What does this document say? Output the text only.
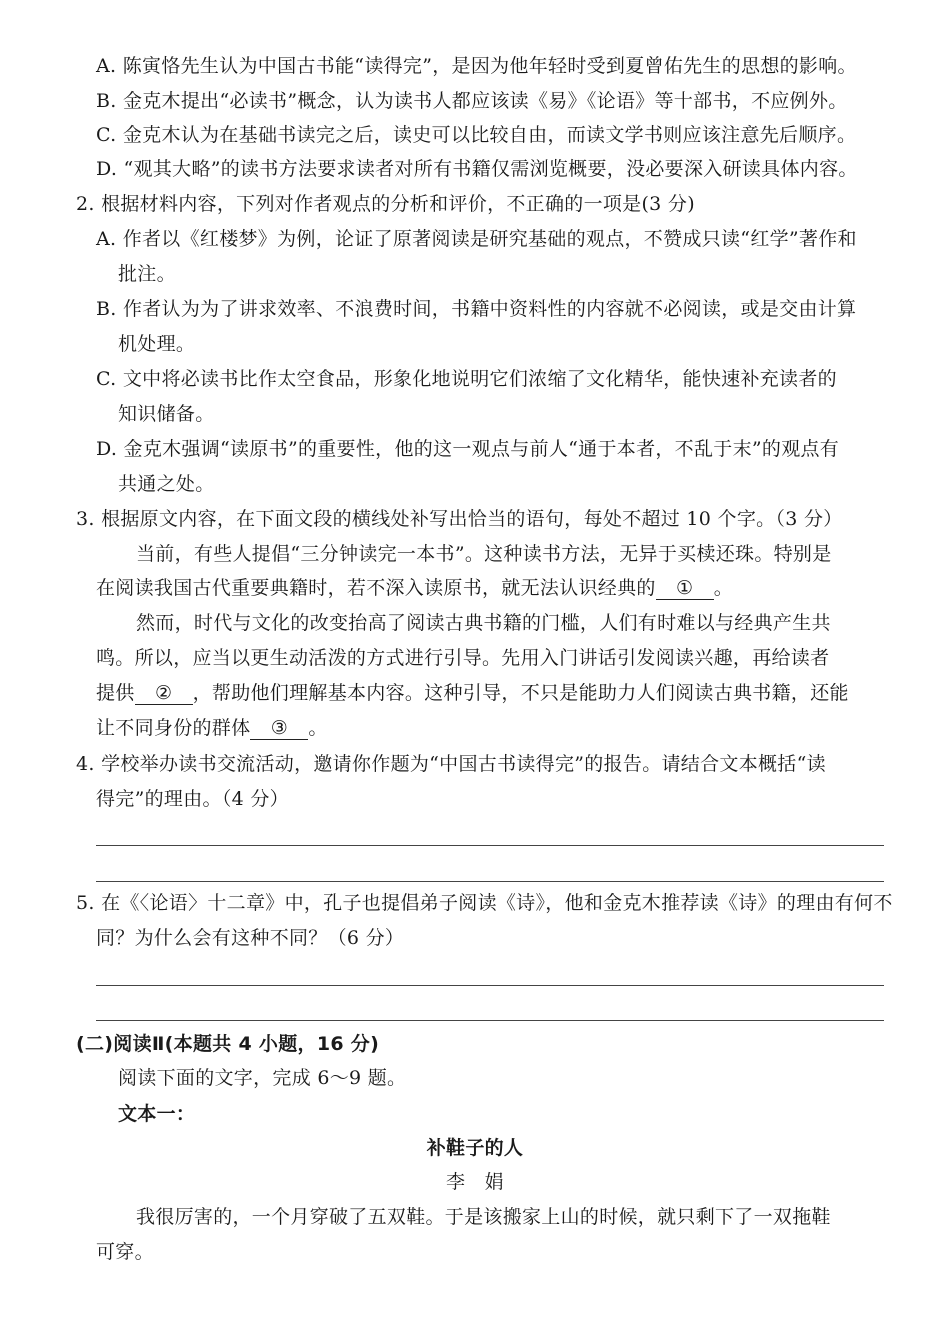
A. 陈寅恪先生认为中国古书能“读得完”，是因为他年轻时受到夏曾佑先生的思想的影响。
B. 金克木提出“必读书”概念，认为读书人都应该读《易》《论语》等十部书，不应例外。
C. 金克木认为在基础书读完之后，读史可以比较自由，而读文学书则应该注意先后顺序。
D. “观其大略”的读书方法要求读者对所有书籍仅需浏览概要，没必要深入研读具体内容。
2. 根据材料内容，下列对作者观点的分析和评价，不正确的一项是(3 分)
A. 作者以《红楼梦》为例，论证了原著阅读是研究基础的观点，不赞成只读“红学”著作和
批注。
B. 作者认为为了讲求效率、不浪费时间，书籍中资料性的内容就不必阅读，或是交由计算
机处理。
C. 文中将必读书比作太空食品，形象化地说明它们浓缩了文化精华，能快速补充读者的
知识储备。
D. 金克木强调“读原书”的重要性，他的这一观点与前人“通于本者，不乱于末”的观点有
共通之处。
3. 根据原文内容，在下面文段的横线处补写出恰当的语句，每处不超过 10 个字。（3 分）
当前，有些人提倡“三分钟读完一本书”。这种读书方法，无异于买椟还珠。特别是
在阅读我国古代重要典籍时，若不深入读原书，就无法认识经典的 ① 。
然而，时代与文化的改变抬高了阅读古典书籍的门槛，人们有时难以与经典产生共
鸣。所以，应当以更生动活泼的方式进行引导。先用入门讲话引发阅读兴趣，再给读者
提供 ② ，帮助他们理解基本内容。这种引导，不只是能助力人们阅读古典书籍，还能
让不同身份的群体 ③ 。
4. 学校举办读书交流活动，邀请你作题为“中国古书读得完”的报告。请结合文本概括“读
得完”的理由。（4 分）
5. 在《〈论语〉十二章》中，孔子也提倡弟子阅读《诗》，他和金克木推荐读《诗》的理由有何不
同？为什么会有这种不同？（6 分）
(二)阅读Ⅱ(本题共 4 小题，16 分)
阅读下面的文字，完成 6～9 题。
文本一：
补鞋子的人
李　娟
我很厉害的，一个月穿破了五双鞋。于是该搬家上山的时候，就只剩下了一双拖鞋
可穿。
